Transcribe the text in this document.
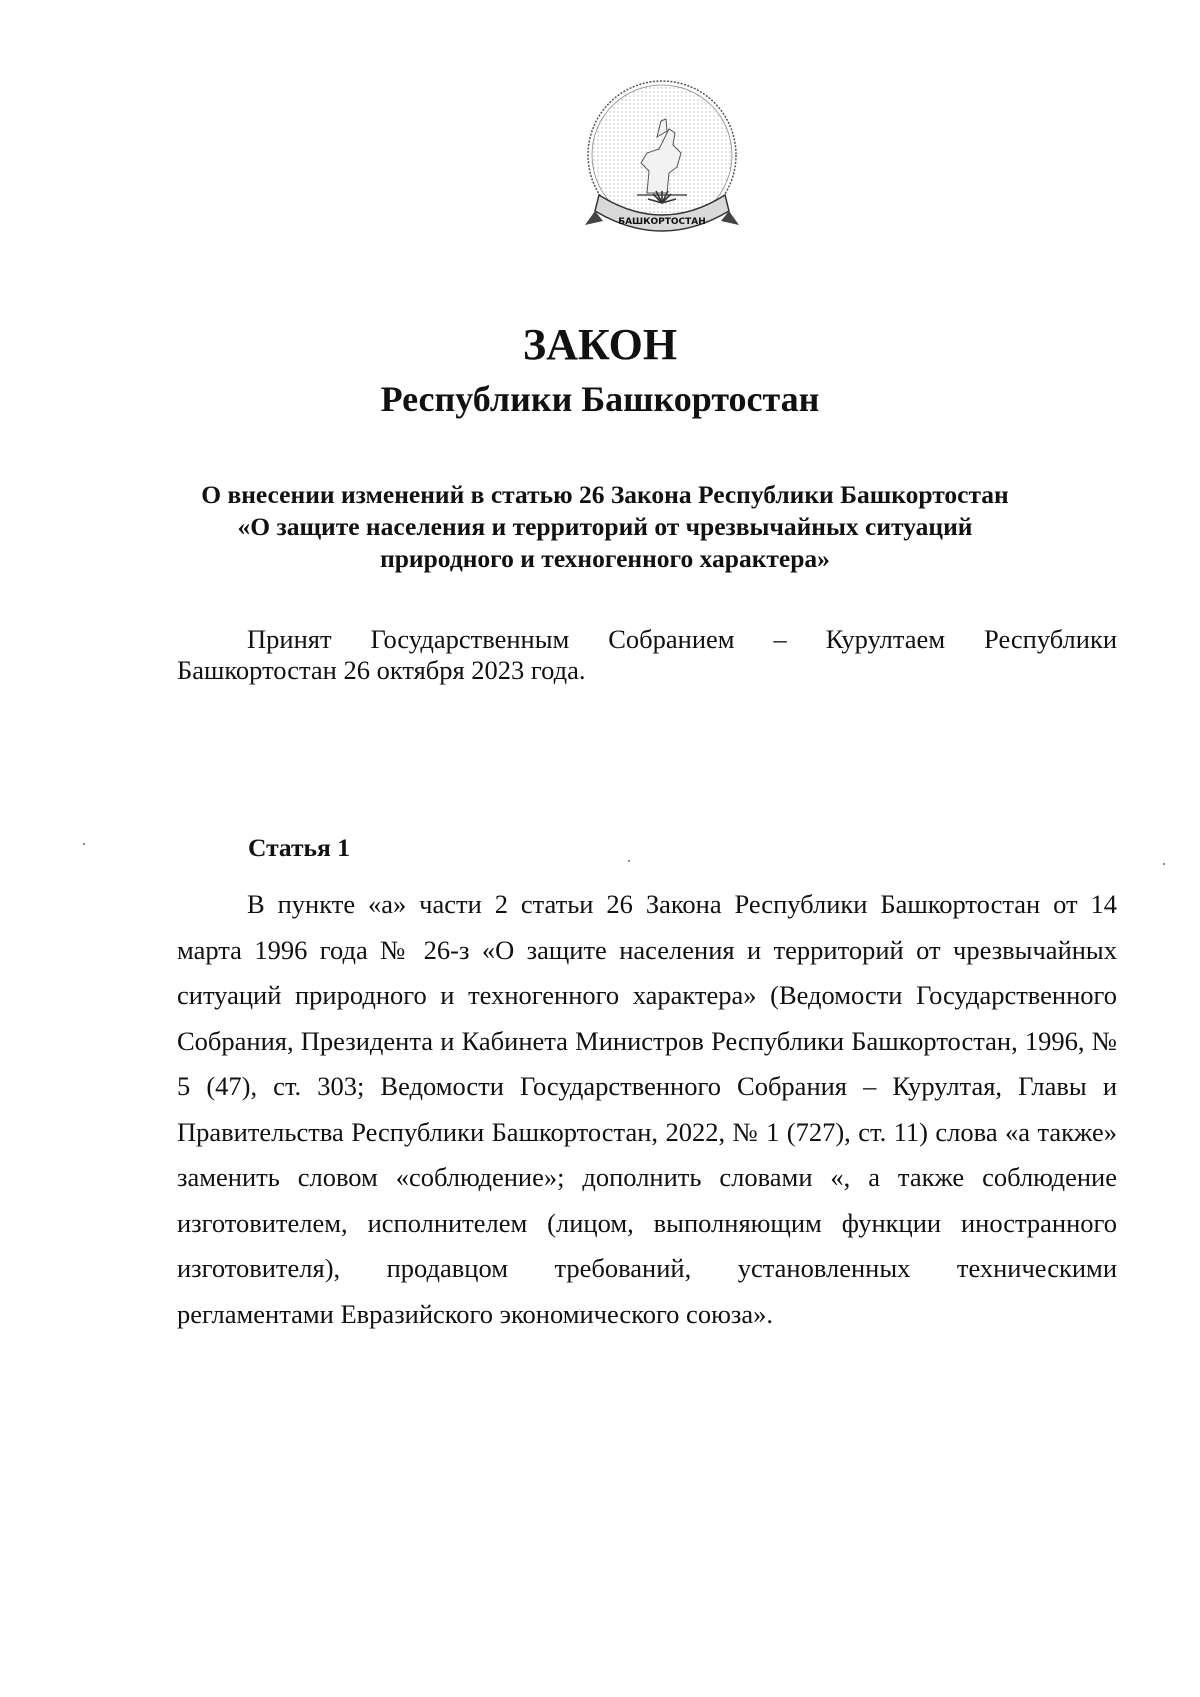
БАШКОРТОСТАН
ЗАКОН
Республики Башкортостан
О внесении изменений в статью 26 Закона Республики Башкортостан
«О защите населения и территорий от чрезвычайных ситуаций
природного и техногенного характера»
Принят Государственным Собранием – Курултаем Республики Башкортостан 26 октября 2023 года.
Статья 1
В пункте «а» части 2 статьи 26 Закона Республики Башкортостан от 14 марта 1996 года № 26-з «О защите населения и территорий от чрезвычайных ситуаций природного и техногенного характера» (Ведомости Государственного Собрания, Президента и Кабинета Министров Республики Башкортостан, 1996, № 5 (47), ст. 303; Ведомости Государственного Собрания – Курултая, Главы и Правительства Республики Башкортостан, 2022, № 1 (727), ст. 11) слова «а также» заменить словом «соблюдение»; дополнить словами «, а также соблюдение изготовителем, исполнителем (лицом, выполняющим функции иностранного изготовителя), продавцом требований, установленных техническими регламентами Евразийского экономического союза».
